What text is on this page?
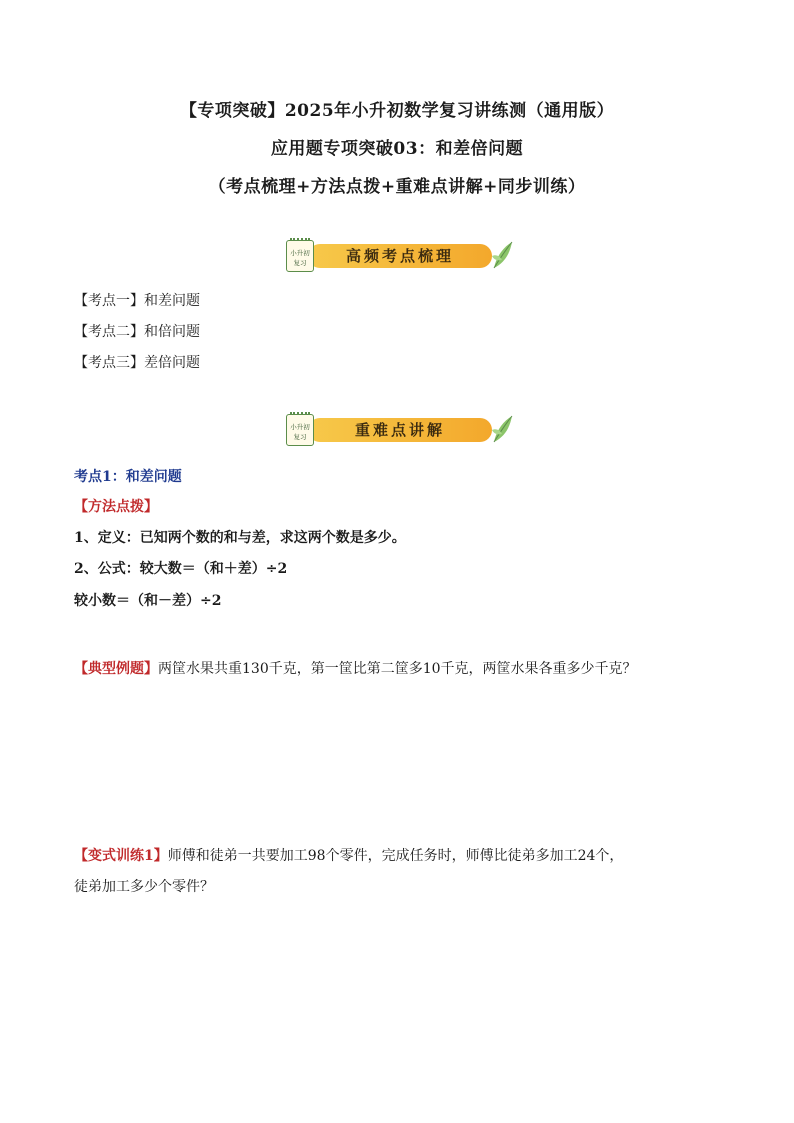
【专项突破】2025年小升初数学复习讲练测（通用版）
应用题专项突破03：和差倍问题
（考点梳理+方法点拨+重难点讲解+同步训练）
高频考点梳理
小升初
复习
【考点一】和差问题
【考点二】和倍问题
【考点三】差倍问题
重难点讲解
小升初
复习
考点1：和差问题
【方法点拨】
1、定义：已知两个数的和与差，求这两个数是多少。
2、公式：较大数＝（和＋差）÷2
较小数＝（和－差）÷2
【典型例题】两筐水果共重130千克，第一筐比第二筐多10千克，两筐水果各重多少千克？
【变式训练1】师傅和徒弟一共要加工98个零件，完成任务时，师傅比徒弟多加工24个，
徒弟加工多少个零件？
